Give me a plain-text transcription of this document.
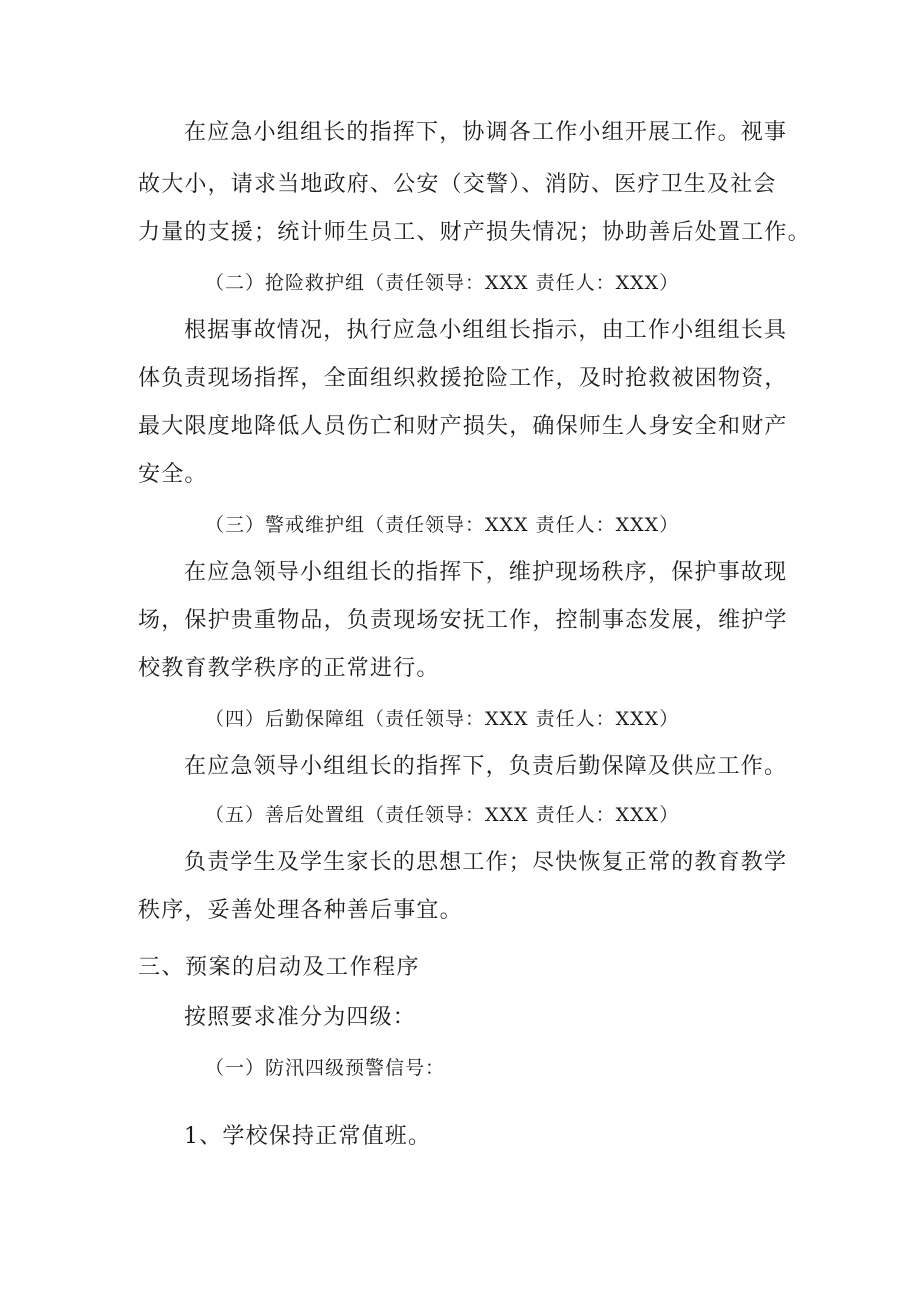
在应急小组组长的指挥下，协调各工作小组开展工作。视事
故大小，请求当地政府、公安（交警）、消防、医疗卫生及社会
力量的支援；统计师生员工、财产损失情况；协助善后处置工作。
（二）抢险救护组（责任领导：XXX 责任人：XXX）
根据事故情况，执行应急小组组长指示，由工作小组组长具
体负责现场指挥，全面组织救援抢险工作，及时抢救被困物资，
最大限度地降低人员伤亡和财产损失，确保师生人身安全和财产
安全。
（三）警戒维护组（责任领导：XXX 责任人：XXX）
在应急领导小组组长的指挥下，维护现场秩序，保护事故现
场，保护贵重物品，负责现场安抚工作，控制事态发展，维护学
校教育教学秩序的正常进行。
（四）后勤保障组（责任领导：XXX 责任人：XXX）
在应急领导小组组长的指挥下，负责后勤保障及供应工作。
（五）善后处置组（责任领导：XXX 责任人：XXX）
负责学生及学生家长的思想工作；尽快恢复正常的教育教学
秩序，妥善处理各种善后事宜。
三、预案的启动及工作程序
按照要求准分为四级：
（一）防汛四级预警信号：
1、学校保持正常值班。
